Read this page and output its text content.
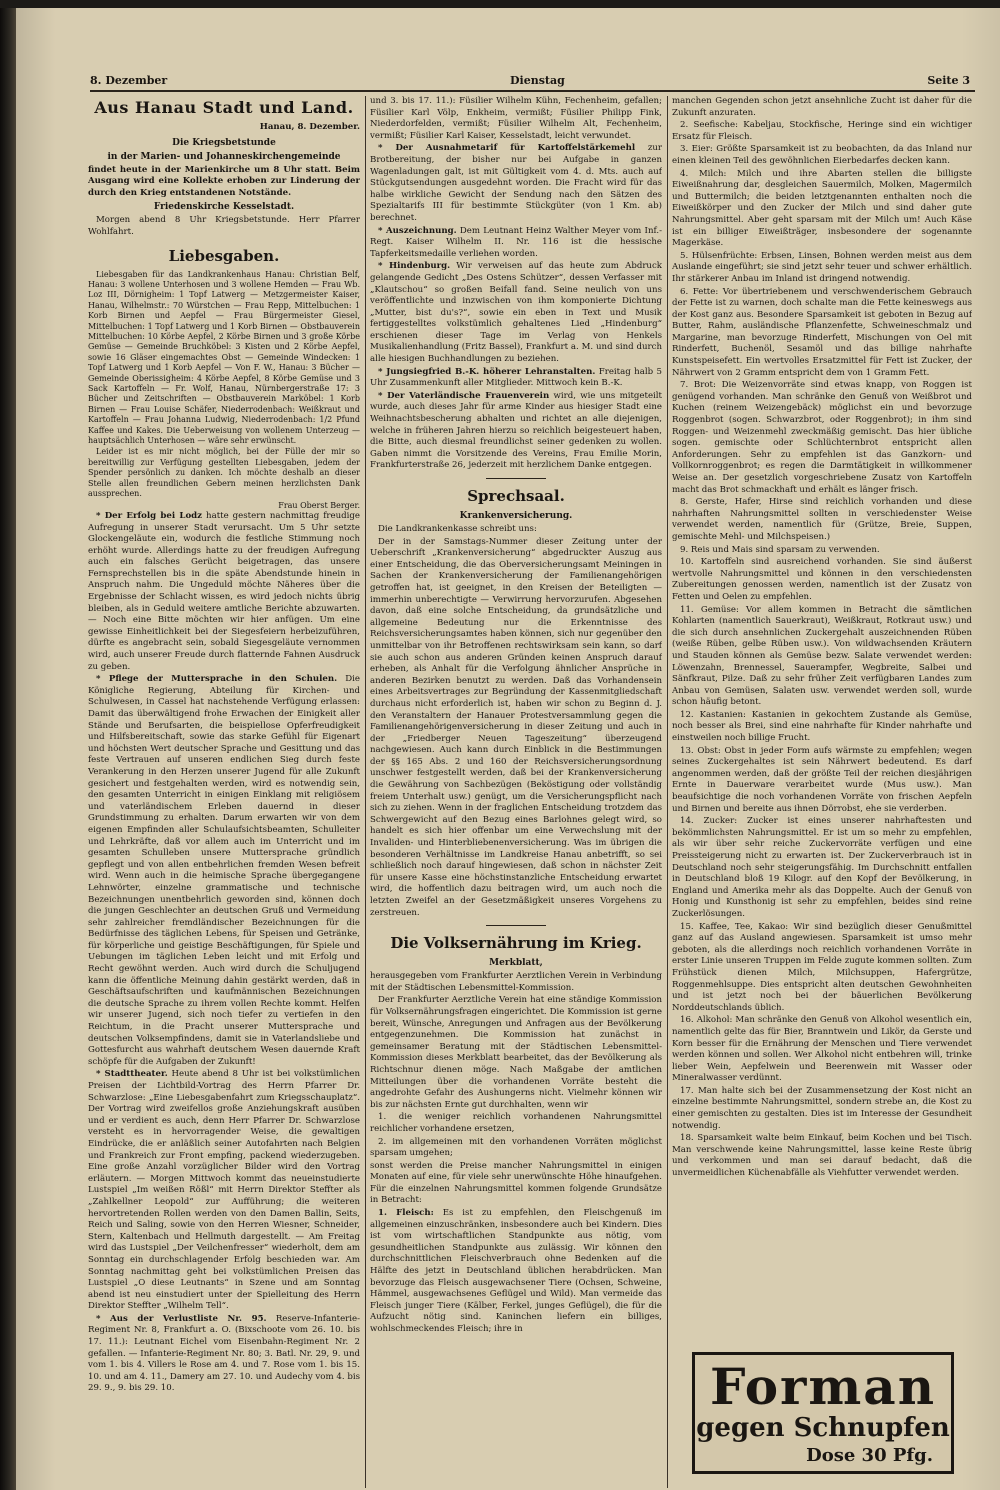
8. Dezember	Dienstag	Seite 3
Aus Hanau Stadt und Land.
Hanau, 8. Dezember.
Die Kriegsbetstunde
in der Marien- und Johanneskirchengemeinde

findet heute in der Marienkirche um 8 Uhr statt. Beim Ausgang wird eine Kollekte erhoben zur Linderung der durch den Krieg entstandenen Notstände.

Friedenskirche Kesselstadt.

Morgen abend 8 Uhr Kriegsbetstunde. Herr Pfarrer Wohlfahrt.

Liebesgaben.

Liebesgaben für das Landkrankenhaus Hanau: Christian Belf, Hanau: 3 wollene Unterhosen und 3 wollene Hemden — Frau Wb. Loz III, Dörnigheim: 1 Topf Latwerg — Metzgermeister Kaiser, Hanau, Wilhelmstr.: 70 Würstchen — Frau Repp, Mittelbuchen: 1 Korb Birnen und Aepfel — Frau Bürgermeister Giesel, Mittelbuchen: 1 Topf Latwerg und 1 Korb Birnen — Obstbauverein Mittelbuchen: 10 Körbe Aepfel, 2 Körbe Birnen und 3 große Körbe Gemüse — Gemeinde Bruchköbel: 3 Kisten und 2 Körbe Aepfel, sowie 16 Gläser eingemachtes Obst — Gemeinde Windecken: 1 Topf Latwerg und 1 Korb Aepfel — Von F. W., Hanau: 3 Bücher — Gemeinde Oberissigheim: 4 Körbe Aepfel, 8 Körbe Gemüse und 3 Sack Kartoffeln — Fr. Wolf, Hanau, Nürnbergerstraße 17: 3 Bücher und Zeitschriften — Obstbauverein Marköbel: 1 Korb Birnen — Frau Louise Schäfer, Niederrodenbach: Weißkraut und Kartoffeln — Frau Johanna Ludwig, Niederrodenbach: 1/2 Pfund Kaffee und Kakes. Die Ueberweisung von wollenem Unterzeug — hauptsächlich Unterhosen — wäre sehr erwünscht.

Leider ist es mir nicht möglich, bei der Fülle der mir so bereitwillig zur Verfügung gestellten Liebesgaben, jedem der Spender persönlich zu danken. Ich möchte deshalb an dieser Stelle allen freundlichen Gebern meinen herzlichsten Dank aussprechen.

Frau Oberst Berger.

* Der Erfolg bei Lodz hatte gestern nachmittag freudige Aufregung in unserer Stadt verursacht. Um 5 Uhr setzte Glockengeläute ein, wodurch die festliche Stimmung noch erhöht wurde. Allerdings hatte zu der freudigen Aufregung auch ein falsches Gerücht beigetragen, das unsere Fernsprechstellen bis in die späte Abendstunde hinein in Anspruch nahm. Die Ungeduld möchte Näheres über die Ergebnisse der Schlacht wissen, es wird jedoch nichts übrig bleiben, als in Geduld weitere amtliche Berichte abzuwarten. — Noch eine Bitte möchten wir hier anfügen. Um eine gewisse Einheitlichkeit bei der Siegesfeiern herbeizuführen, dürfte es angebracht sein, sobald Siegesgeläute vernommen wird, auch unserer Freude durch flatternde Fahnen Ausdruck zu geben.

* Pflege der Muttersprache in den Schulen. Die Königliche Regierung, Abteilung für Kirchen- und Schulwesen, in Cassel hat nachstehende Verfügung erlassen: Damit das überwältigend frohe Erwachen der Einigkeit aller Stände und Berufsarten, die beispiellose Opferfreudigkeit und Hilfsbereitschaft, sowie das starke Gefühl für Eigenart und höchsten Wert deutscher Sprache und Gesittung und das feste Vertrauen auf unseren endlichen Sieg durch feste Verankerung in den Herzen unserer Jugend für alle Zukunft gesichert und festgehalten werden, wird es notwendig sein, den gesamten Unterricht in einigen Einklang mit religiösem und vaterländischem Erleben dauernd in dieser Grundstimmung zu erhalten. Darum erwarten wir von dem eigenen Empfinden aller Schulaufsichtsbeamten, Schulleiter und Lehrkräfte, daß vor allem auch im Unterricht und im gesamten Schulleben unsere Muttersprache gründlich gepflegt und von allen entbehrlichen fremden Wesen befreit wird. Wenn auch in die heimische Sprache übergegangene Lehnwörter, einzelne grammatische und technische Bezeichnungen unentbehrlich geworden sind, können doch die jungen Geschlechter an deutschen Gruß und Vermeidung sehr zahlreicher fremdländischer Bezeichnungen für die Bedürfnisse des täglichen Lebens, für Speisen und Getränke, für körperliche und geistige Beschäftigungen, für Spiele und Uebungen im täglichen Leben leicht und mit Erfolg und Recht gewöhnt werden. Auch wird durch die Schuljugend kann die öffentliche Meinung dahin gestärkt werden, daß in Geschäftsaufschriften und kaufmännischen Bezeichnungen die deutsche Sprache zu ihrem vollen Rechte kommt. Helfen wir unserer Jugend, sich noch tiefer zu vertiefen in den Reichtum, in die Pracht unserer Muttersprache und deutschen Volksempfindens, damit sie in Vaterlandsliebe und Gottesfurcht aus wahrhaft deutschem Wesen dauernde Kraft schöpfe für die Aufgaben der Zukunft!

* Stadttheater. Heute abend 8 Uhr ist bei volkstümlichen Preisen der Lichtbild-Vortrag des Herrn Pfarrer Dr. Schwarzlose: „Eine Liebesgabenfahrt zum Kriegsschauplatz“. Der Vortrag wird zweifellos große Anziehungskraft ausüben und er verdient es auch, denn Herr Pfarrer Dr. Schwarzlose versteht es in hervorragender Weise, die gewaltigen Eindrücke, die er anläßlich seiner Autofahrten nach Belgien und Frankreich zur Front empfing, packend wiederzugeben. Eine große Anzahl vorzüglicher Bilder wird den Vortrag erläutern. — Morgen Mittwoch kommt das neueinstudierte Lustspiel „Im weißen Rößl“ mit Herrn Direktor Steffter als „Zahlkellner Leopold“ zur Aufführung; die weiteren hervortretenden Rollen werden von den Damen Ballin, Seits, Reich und Saling, sowie von den Herren Wiesner, Schneider, Stern, Kaltenbach und Hellmuth dargestellt. — Am Freitag wird das Lustspiel „Der Veilchenfresser“ wiederholt, dem am Sonntag ein durchschlagender Erfolg beschieden war. Am Sonntag nachmittag geht bei volkstümlichen Preisen das Lustspiel „O diese Leutnants“ in Szene und am Sonntag abend ist neu einstudiert unter der Spielleitung des Herrn Direktor Steffter „Wilhelm Tell“.

* Aus der Verlustliste Nr. 95. Reserve-Infanterie-Regiment Nr. 8, Frankfurt a. O. (Bixschoote vom 26. 10. bis 17. 11.): Leutnant Eichel vom Eisenbahn-Regiment Nr. 2 gefallen. — Infanterie-Regiment Nr. 80; 3. Batl. Nr. 29, 9. und vom 1. bis 4. Villers le Rose am 4. und 7. Rose vom 1. bis 15. 10. und am 4. 11., Damery am 27. 10. und Audechy vom 4. bis 29. 9., 9. bis 29. 10.

und 3. bis 17. 11.): Füsilier Wilhelm Kühn, Fechenheim, gefallen; Füsilier Karl Völp, Enkheim, vermißt; Füsilier Philipp Fink, Niederdorfelden, vermißt; Füsilier Wilhelm Alt, Fechenheim, vermißt; Füsilier Karl Kaiser, Kesselstadt, leicht verwundet.

* Der Ausnahmetarif für Kartoffelstärkemehl zur Brotbereitung, der bisher nur bei Aufgabe in ganzen Wagenladungen galt, ist mit Gültigkeit vom 4. d. Mts. auch auf Stückgutsendungen ausgedehnt worden. Die Fracht wird für das halbe wirkliche Gewicht der Sendung nach den Sätzen des Spezialtarifs III für bestimmte Stückgüter (von 1 Km. ab) berechnet.

* Auszeichnung. Dem Leutnant Heinz Walther Meyer vom Inf.-Regt. Kaiser Wilhelm II. Nr. 116 ist die hessische Tapferkeitsmedaille verliehen worden.

* Hindenburg. Wir verweisen auf das heute zum Abdruck gelangende Gedicht „Des Ostens Schützer“, dessen Verfasser mit „Klautschou“ so großen Beifall fand. Seine neulich von uns veröffentlichte und inzwischen von ihm komponierte Dichtung „Mutter, bist du's?“, sowie ein eben in Text und Musik fertiggestelltes volkstümlich gehaltenes Lied „Hindenburg“ erschienen dieser Tage im Verlag von Henkels Musikalienhandlung (Fritz Bassel), Frankfurt a. M. und sind durch alle hiesigen Buchhandlungen zu beziehen.

* Jungsiegfried B.-K. höherer Lehranstalten. Freitag halb 5 Uhr Zusammenkunft aller Mitglieder. Mittwoch kein B.-K.

* Der Vaterländische Frauenverein wird, wie uns mitgeteilt wurde, auch dieses Jahr für arme Kinder aus hiesiger Stadt eine Weihnachtsbescherung abhalten und richtet an alle diejenigen, welche in früheren Jahren hierzu so reichlich beigesteuert haben, die Bitte, auch diesmal freundlichst seiner gedenken zu wollen. Gaben nimmt die Vorsitzende des Vereins, Frau Emilie Morin, Frankfurterstraße 26, jederzeit mit herzlichem Danke entgegen.

Sprechsaal.
Krankenversicherung.

Die Landkrankenkasse schreibt uns:

Der in der Samstags-Nummer dieser Zeitung unter der Ueberschrift „Krankenversicherung“ abgedruckter Auszug aus einer Entscheidung, die das Oberversicherungsamt Meiningen in Sachen der Krankenversicherung der Familienangehörigen getroffen hat, ist geeignet, in den Kreisen der Beteiligten — immerhin unberechtigte — Verwirrung hervorzurufen. Abgesehen davon, daß eine solche Entscheidung, da grundsätzliche und allgemeine Bedeutung nur die Erkenntnisse des Reichsversicherungsamtes haben können, sich nur gegenüber den unmittelbar von ihr Betroffenen rechtswirksam sein kann, so darf sie auch schon aus anderen Gründen keinen Anspruch darauf erheben, als Anhalt für die Verfolgung ähnlicher Ansprüche in anderen Bezirken benutzt zu werden. Daß das Vorhandensein eines Arbeitsvertrages zur Begründung der Kassenmitgliedschaft durchaus nicht erforderlich ist, haben wir schon zu Beginn d. J. den Veranstaltern der Hanauer Protestversammlung gegen die Familienangehörigenversicherung in dieser Zeitung und auch in der „Friedberger Neuen Tageszeitung“ überzeugend nachgewiesen. Auch kann durch Einblick in die Bestimmungen der §§ 165 Abs. 2 und 160 der Reichsversicherungsordnung unschwer festgestellt werden, daß bei der Krankenversicherung die Gewährung von Sachbezügen (Beköstigung oder vollständig freiem Unterhalt usw.) genügt, um die Versicherungspflicht nach sich zu ziehen. Wenn in der fraglichen Entscheidung trotzdem das Schwergewicht auf den Bezug eines Barlohnes gelegt wird, so handelt es sich hier offenbar um eine Verwechslung mit der Invaliden- und Hinterbliebenenversicherung. Was im übrigen die besonderen Verhältnisse im Landkreise Hanau anbetrifft, so sei schließlich noch darauf hingewiesen, daß schon in nächster Zeit für unsere Kasse eine höchstinstanzliche Entscheidung erwartet wird, die hoffentlich dazu beitragen wird, um auch noch die letzten Zweifel an der Gesetzmäßigkeit unseres Vorgehens zu zerstreuen.

Die Volksernährung im Krieg.
Merkblatt,

herausgegeben vom Frankfurter Aerztlichen Verein in Verbindung mit der Städtischen Lebensmittel-Kommission.

Der Frankfurter Aerztliche Verein hat eine ständige Kommission für Volksernährungsfragen eingerichtet. Die Kommission ist gerne bereit, Wünsche, Anregungen und Anfragen aus der Bevölkerung entgegenzunehmen. Die Kommission hat zunächst in gemeinsamer Beratung mit der Städtischen Lebensmittel-Kommission dieses Merkblatt bearbeitet, das der Bevölkerung als Richtschnur dienen möge. Nach Maßgabe der amtlichen Mitteilungen über die vorhandenen Vorräte besteht die angedrohte Gefahr des Aushungerns nicht. Vielmehr können wir bis zur nächsten Ernte gut durchhalten, wenn wir

1. die weniger reichlich vorhandenen Nahrungsmittel reichlicher vorhandene ersetzen,

2. im allgemeinen mit den vorhandenen Vorräten möglichst sparsam umgehen;

sonst werden die Preise mancher Nahrungsmittel in einigen Monaten auf eine, für viele sehr unerwünschte Höhe hinaufgehen. Für die einzelnen Nahrungsmittel kommen folgende Grundsätze in Betracht:

1. Fleisch: Es ist zu empfehlen, den Fleischgenuß im allgemeinen einzuschränken, insbesondere auch bei Kindern. Dies ist vom wirtschaftlichen Standpunkte aus nötig, vom gesundheitlichen Standpunkte aus zulässig. Wir können den durchschnittlichen Fleischverbrauch ohne Bedenken auf die Hälfte des jetzt in Deutschland üblichen herabdrücken. Man bevorzuge das Fleisch ausgewachsener Tiere (Ochsen, Schweine, Hämmel, ausgewachsenes Geflügel und Wild). Man vermeide das Fleisch junger Tiere (Kälber, Ferkel, junges Geflügel), die für die Aufzucht nötig sind. Kaninchen liefern ein billiges, wohlschmeckendes Fleisch; ihre in

manchen Gegenden schon jetzt ansehnliche Zucht ist daher für die Zukunft anzuraten.

2. Seefische: Kabeljau, Stockfische, Heringe sind ein wichtiger Ersatz für Fleisch.

3. Eier: Größte Sparsamkeit ist zu beobachten, da das Inland nur einen kleinen Teil des gewöhnlichen Eierbedarfes decken kann.

4. Milch: Milch und ihre Abarten stellen die billigste Eiweißnahrung dar, desgleichen Sauermilch, Molken, Magermilch und Buttermilch; die beiden letztgenannten enthalten noch die Eiweißkörper und den Zucker der Milch und sind daher gute Nahrungsmittel. Aber geht sparsam mit der Milch um! Auch Käse ist ein billiger Eiweißträger, insbesondere der sogenannte Magerkäse.

5. Hülsenfrüchte: Erbsen, Linsen, Bohnen werden meist aus dem Auslande eingeführt; sie sind jetzt sehr teuer und schwer erhältlich. Ihr stärkerer Anbau im Inland ist dringend notwendig.

6. Fette: Vor übertriebenem und verschwenderischem Gebrauch der Fette ist zu warnen, doch schalte man die Fette keineswegs aus der Kost ganz aus. Besondere Sparsamkeit ist geboten in Bezug auf Butter, Rahm, ausländische Pflanzenfette, Schweineschmalz und Margarine, man bevorzuge Rinderfett, Mischungen von Oel mit Rinderfett, Buchenöl, Sesamöl und das billige nahrhafte Kunstspeisefett. Ein wertvolles Ersatzmittel für Fett ist Zucker, der Nährwert von 2 Gramm entspricht dem von 1 Gramm Fett.

7. Brot: Die Weizenvorräte sind etwas knapp, von Roggen ist genügend vorhanden. Man schränke den Genuß von Weißbrot und Kuchen (reinem Weizengebäck) möglichst ein und bevorzuge Roggenbrot (sogen. Schwarzbrot, oder Roggenbrot); in ihm sind Roggen- und Weizenmehl zweckmäßig gemischt. Das hier übliche sogen. gemischte oder Schlüchternbrot entspricht allen Anforderungen. Sehr zu empfehlen ist das Ganzkorn- und Vollkornroggenbrot; es regen die Darmtätigkeit in willkommener Weise an. Der gesetzlich vorgeschriebene Zusatz von Kartoffeln macht das Brot schmackhaft und erhält es länger frisch.

8. Gerste, Hafer, Hirse sind reichlich vorhanden und diese nahrhaften Nahrungsmittel sollten in verschiedenster Weise verwendet werden, namentlich für (Grütze, Breie, Suppen, gemischte Mehl- und Milchspeisen.)

9. Reis und Mais sind sparsam zu verwenden.

10. Kartoffeln sind ausreichend vorhanden. Sie sind äußerst wertvolle Nahrungsmittel und können in den verschiedensten Zubereitungen genossen werden, namentlich ist der Zusatz von Fetten und Oelen zu empfehlen.

11. Gemüse: Vor allem kommen in Betracht die sämtlichen Kohlarten (namentlich Sauerkraut), Weißkraut, Rotkraut usw.) und die sich durch ansehnlichen Zuckergehalt auszeichnenden Rüben (weiße Rüben, gelbe Rüben usw.). Von wildwachsenden Kräutern und Stauden können als Gemüse bezw. Salate verwendet werden: Löwenzahn, Brennessel, Sauerampfer, Wegbreite, Salbei und Sänfkraut, Pilze. Daß zu sehr früher Zeit verfügbaren Landes zum Anbau von Gemüsen, Salaten usw. verwendet werden soll, wurde schon häufig betont.

12. Kastanien: Kastanien in gekochtem Zustande als Gemüse, noch besser als Brei, sind eine nahrhafte für Kinder nahrhafte und einstweilen noch billige Frucht.

13. Obst: Obst in jeder Form aufs wärmste zu empfehlen; wegen seines Zuckergehaltes ist sein Nährwert bedeutend. Es darf angenommen werden, daß der größte Teil der reichen diesjährigen Ernte in Dauerware verarbeitet wurde (Mus usw.). Man beaufsichtige die noch vorhandenen Vorräte von frischen Aepfeln und Birnen und bereite aus ihnen Dörrobst, ehe sie verderben.

14. Zucker: Zucker ist eines unserer nahrhaftesten und bekömmlichsten Nahrungsmittel. Er ist um so mehr zu empfehlen, als wir über sehr reiche Zuckervorräte verfügen und eine Preissteigerung nicht zu erwarten ist. Der Zuckerverbrauch ist in Deutschland noch sehr steigerungsfähig. Im Durchschnitt entfallen in Deutschland bloß 19 Kilogr. auf den Kopf der Bevölkerung, in England und Amerika mehr als das Doppelte. Auch der Genuß von Honig und Kunsthonig ist sehr zu empfehlen, beides sind reine Zuckerlösungen.

15. Kaffee, Tee, Kakao: Wir sind bezüglich dieser Genußmittel ganz auf das Ausland angewiesen. Sparsamkeit ist umso mehr geboten, als die allerdings noch reichlich vorhandenen Vorräte in erster Linie unseren Truppen im Felde zugute kommen sollten. Zum Frühstück dienen Milch, Milchsuppen, Hafergrütze, Roggenmehlsuppe. Dies entspricht alten deutschen Gewohnheiten und ist jetzt noch bei der bäuerlichen Bevölkerung Norddeutschlands üblich.

16. Alkohol: Man schränke den Genuß von Alkohol wesentlich ein, namentlich gelte das für Bier, Branntwein und Likör, da Gerste und Korn besser für die Ernährung der Menschen und Tiere verwendet werden können und sollen. Wer Alkohol nicht entbehren will, trinke lieber Wein, Aepfelwein und Beerenwein mit Wasser oder Mineralwasser verdünnt.

17. Man halte sich bei der Zusammensetzung der Kost nicht an einzelne bestimmte Nahrungsmittel, sondern strebe an, die Kost zu einer gemischten zu gestalten. Dies ist im Interesse der Gesundheit notwendig.

18. Sparsamkeit walte beim Einkauf, beim Kochen und bei Tisch. Man verschwende keine Nahrungsmittel, lasse keine Reste übrig und verkommen und man sei darauf bedacht, daß die unvermeidlichen Küchenabfälle als Viehfutter verwendet werden.

Forman
gegen Schnupfen
Dose 30 Pfg.
